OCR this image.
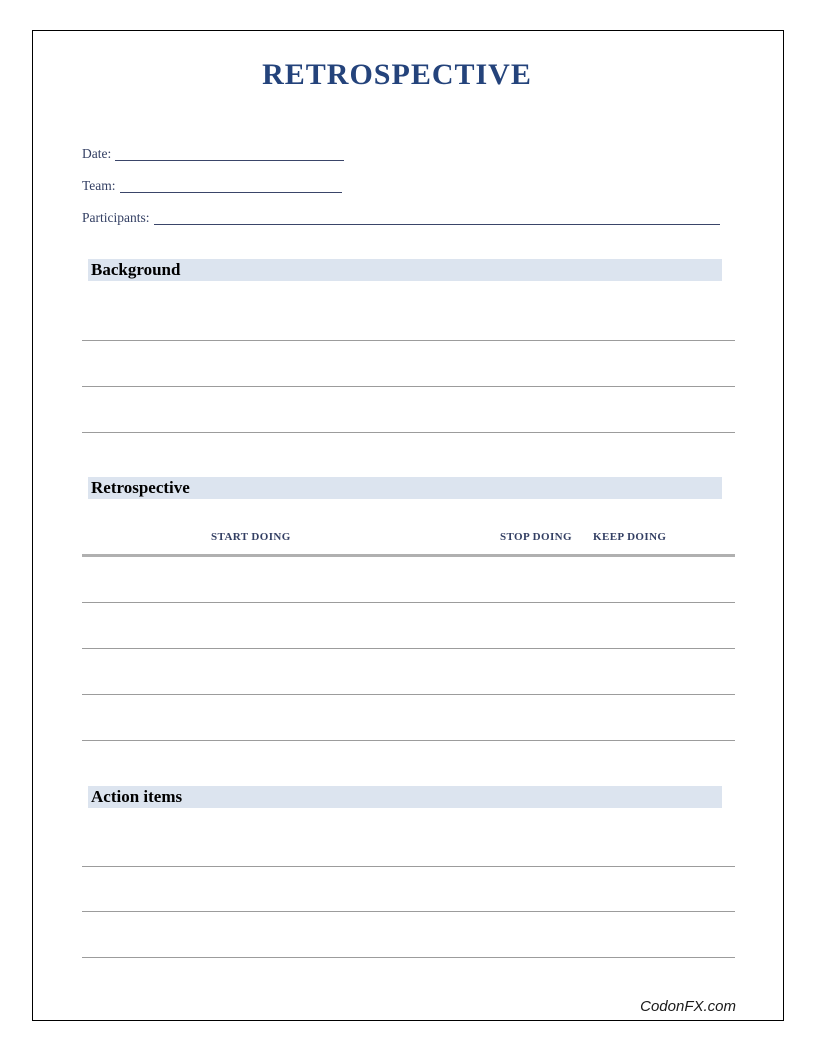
RETROSPECTIVE
Date:
Team:
Participants:
Background
Retrospective
START DOING	STOP DOING KEEP DOING
Action items
CodonFX.com
